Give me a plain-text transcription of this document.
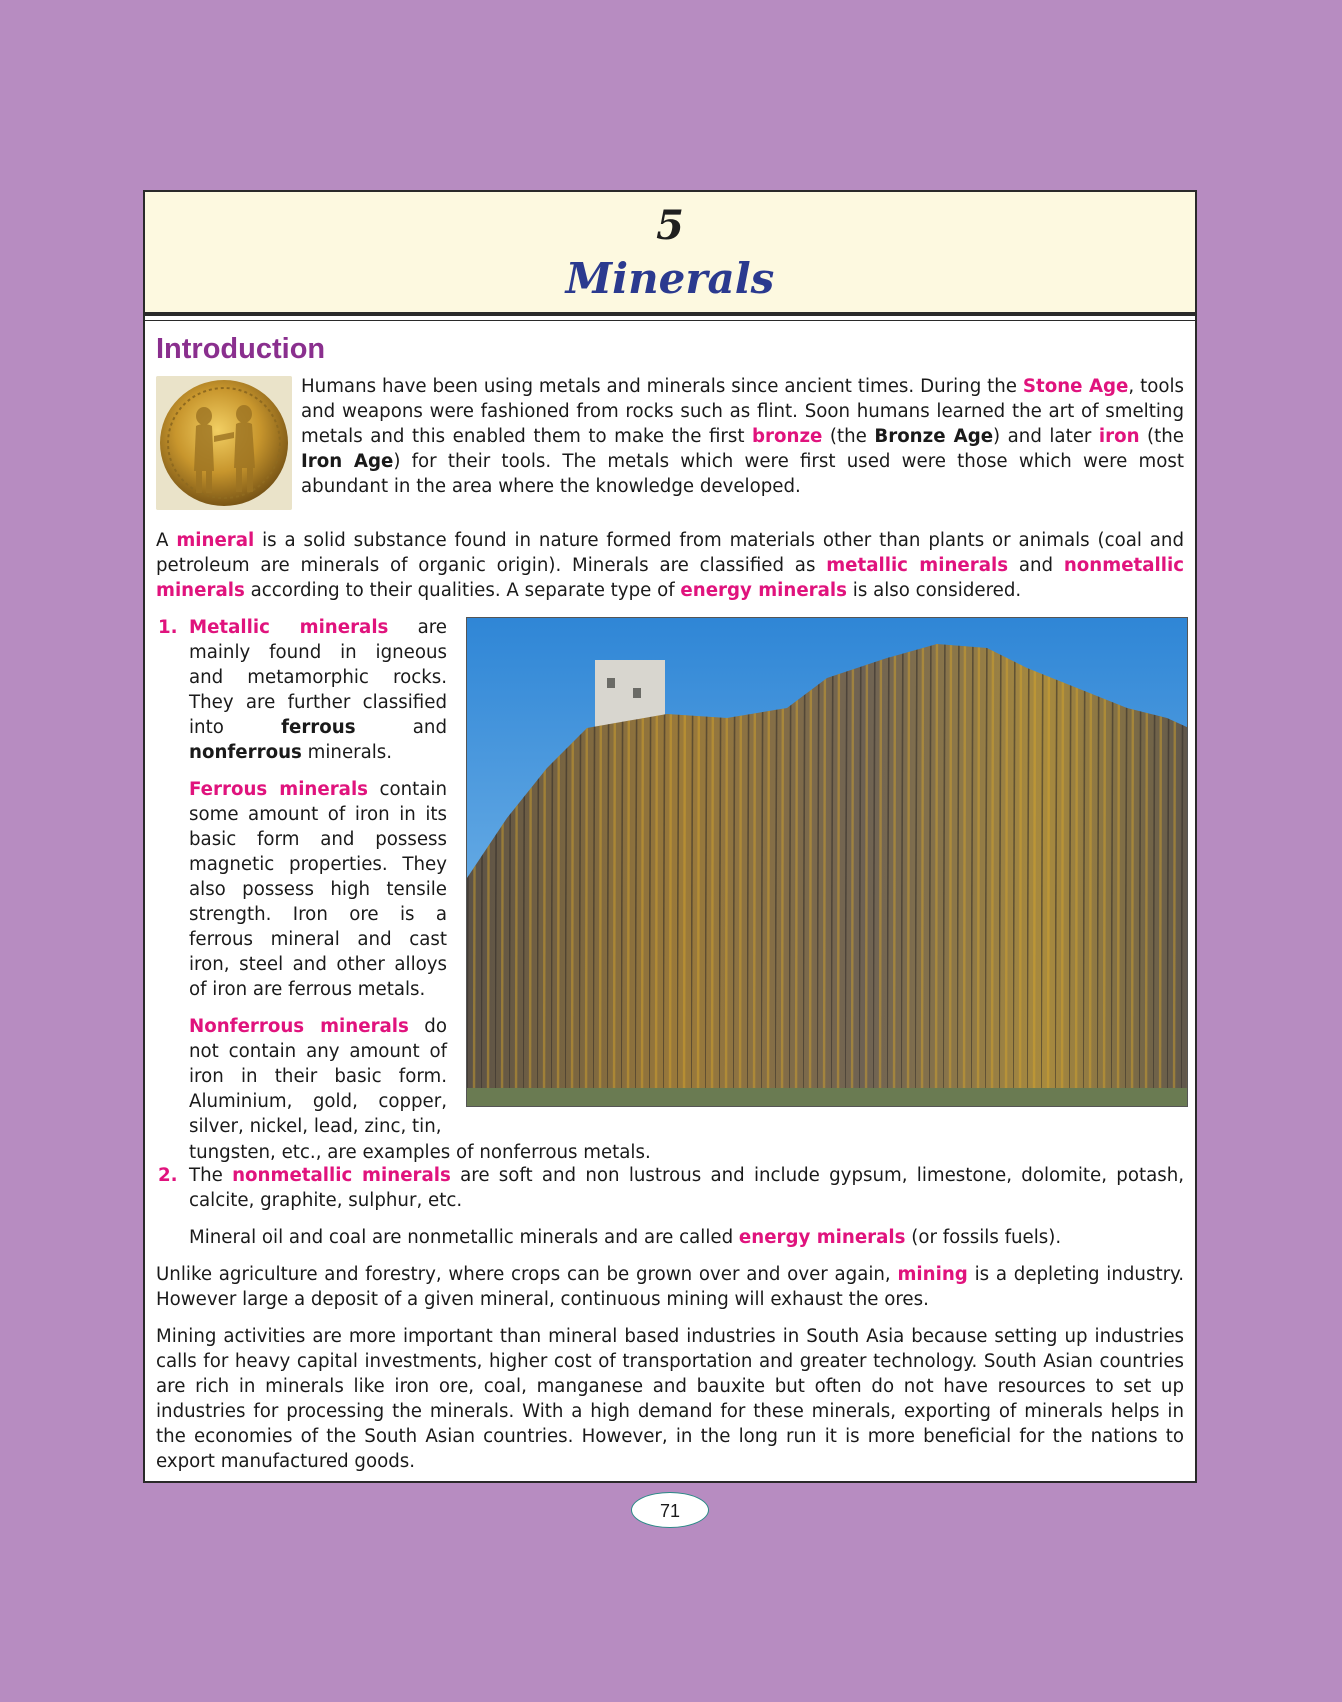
5
Minerals
Introduction
Humans have been using metals and minerals since ancient times. During the Stone Age, tools and weapons were fashioned from rocks such as flint. Soon humans learned the art of smelting metals and this enabled them to make the first bronze (the Bronze Age) and later iron (the Iron Age) for their tools. The metals which were first used were those which were most abundant in the area where the knowledge developed.

A mineral is a solid substance found in nature formed from materials other than plants or animals (coal and petroleum are minerals of organic origin). Minerals are classified as metallic minerals and nonmetallic minerals according to their qualities. A separate type of energy minerals is also considered.

1. Metallic minerals are mainly found in igneous and metamorphic rocks. They are further classified into ferrous and nonferrous minerals.

Ferrous minerals contain some amount of iron in its basic form and possess magnetic properties. They also possess high tensile strength. Iron ore is a ferrous mineral and cast iron, steel and other alloys of iron are ferrous metals.

Nonferrous minerals do not contain any amount of iron in their basic form. Aluminium, gold, copper, silver, nickel, lead, zinc, tin,

tungsten, etc., are examples of nonferrous metals.

2. The nonmetallic minerals are soft and non lustrous and include gypsum, limestone, dolomite, potash, calcite, graphite, sulphur, etc.

Mineral oil and coal are nonmetallic minerals and are called energy minerals (or fossils fuels).

Unlike agriculture and forestry, where crops can be grown over and over again, mining is a depleting industry. However large a deposit of a given mineral, continuous mining will exhaust the ores.

Mining activities are more important than mineral based industries in South Asia because setting up industries calls for heavy capital investments, higher cost of transportation and greater technology. South Asian countries are rich in minerals like iron ore, coal, manganese and bauxite but often do not have resources to set up industries for processing the minerals. With a high demand for these minerals, exporting of minerals helps in the economies of the South Asian countries. However, in the long run it is more beneficial for the nations to export manufactured goods.

71
